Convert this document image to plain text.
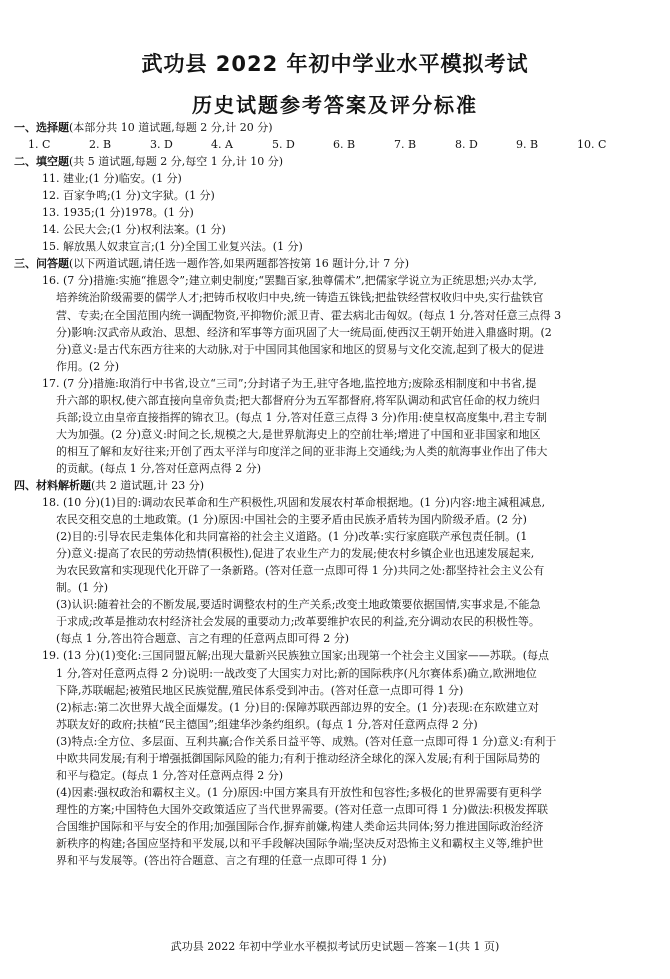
武功县 2022 年初中学业水平模拟考试
历史试题参考答案及评分标准
一、选择题(本部分共 10 道试题,每题 2 分,计 20 分)
1. C	2. B	3. D	4. A	5. D	6. B	7. B	8. D	9. B	10. C
二、填空题(共 5 道试题,每题 2 分,每空 1 分,计 10 分)
11. 建业;(1 分)临安。(1 分)
12. 百家争鸣;(1 分)文字狱。(1 分)
13. 1935;(1 分)1978。(1 分)
14. 公民大会;(1 分)权利法案。(1 分)
15. 解放黑人奴隶宣言;(1 分)全国工业复兴法。(1 分)
三、问答题(以下两道试题,请任选一题作答,如果两题都答按第 16 题计分,计 7 分)
16. (7 分)措施:实施“推恩令”;建立刺史制度;“罢黜百家,独尊儒术”,把儒家学说立为正统思想;兴办太学,
培养统治阶级需要的儒学人才;把铸币权收归中央,统一铸造五铢钱;把盐铁经营权收归中央,实行盐铁官
营、专卖;在全国范围内统一调配物资,平抑物价;派卫青、霍去病北击匈奴。(每点 1 分,答对任意三点得 3
分)影响:汉武帝从政治、思想、经济和军事等方面巩固了大一统局面,使西汉王朝开始进入鼎盛时期。(2
分)意义:是古代东西方往来的大动脉,对于中国同其他国家和地区的贸易与文化交流,起到了极大的促进
作用。(2 分)
17. (7 分)措施:取消行中书省,设立“三司”;分封诸子为王,驻守各地,监控地方;废除丞相制度和中书省,提
升六部的职权,使六部直接向皇帝负责;把大都督府分为五军都督府,将军队调动和武官任命的权力统归
兵部;设立由皇帝直接指挥的锦衣卫。(每点 1 分,答对任意三点得 3 分)作用:使皇权高度集中,君主专制
大为加强。(2 分)意义:时间之长,规模之大,是世界航海史上的空前壮举;增进了中国和亚非国家和地区
的相互了解和友好往来;开创了西太平洋与印度洋之间的亚非海上交通线;为人类的航海事业作出了伟大
的贡献。(每点 1 分,答对任意两点得 2 分)
四、材料解析题(共 2 道试题,计 23 分)
18. (10 分)(1)目的:调动农民革命和生产积极性,巩固和发展农村革命根据地。(1 分)内容:地主减租减息,
农民交租交息的土地政策。(1 分)原因:中国社会的主要矛盾由民族矛盾转为国内阶级矛盾。(2 分)
(2)目的:引导农民走集体化和共同富裕的社会主义道路。(1 分)改革:实行家庭联产承包责任制。(1
分)意义:提高了农民的劳动热情(积极性),促进了农业生产力的发展;使农村乡镇企业也迅速发展起来,
为农民致富和实现现代化开辟了一条新路。(答对任意一点即可得 1 分)共同之处:都坚持社会主义公有
制。(1 分)
(3)认识:随着社会的不断发展,要适时调整农村的生产关系;改变土地政策要依据国情,实事求是,不能急
于求成;改革是推动农村经济社会发展的重要动力;改革要维护农民的利益,充分调动农民的积极性等。
(每点 1 分,答出符合题意、言之有理的任意两点即可得 2 分)
19. (13 分)(1)变化:三国同盟瓦解;出现大量新兴民族独立国家;出现第一个社会主义国家——苏联。(每点
1 分,答对任意两点得 2 分)说明:一战改变了大国实力对比;新的国际秩序(凡尔赛体系)确立,欧洲地位
下降,苏联崛起;被殖民地区民族觉醒,殖民体系受到冲击。(答对任意一点即可得 1 分)
(2)标志:第二次世界大战全面爆发。(1 分)目的:保障苏联西部边界的安全。(1 分)表现:在东欧建立对
苏联友好的政府;扶植“民主德国”;组建华沙条约组织。(每点 1 分,答对任意两点得 2 分)
(3)特点:全方位、多层面、互利共赢;合作关系日益平等、成熟。(答对任意一点即可得 1 分)意义:有利于
中欧共同发展;有利于增强抵御国际风险的能力;有利于推动经济全球化的深入发展;有利于国际局势的
和平与稳定。(每点 1 分,答对任意两点得 2 分)
(4)因素:强权政治和霸权主义。(1 分)原因:中国方案具有开放性和包容性;多极化的世界需要有更科学
理性的方案;中国特色大国外交政策适应了当代世界需要。(答对任意一点即可得 1 分)做法:积极发挥联
合国维护国际和平与安全的作用;加强国际合作,摒弃前嫌,构建人类命运共同体;努力推进国际政治经济
新秩序的构建;各国应坚持和平发展,以和平手段解决国际争端;坚决反对恐怖主义和霸权主义等,维护世
界和平与发展等。(答出符合题意、言之有理的任意一点即可得 1 分)
武功县 2022 年初中学业水平模拟考试历史试题－答案－1(共 1 页)
